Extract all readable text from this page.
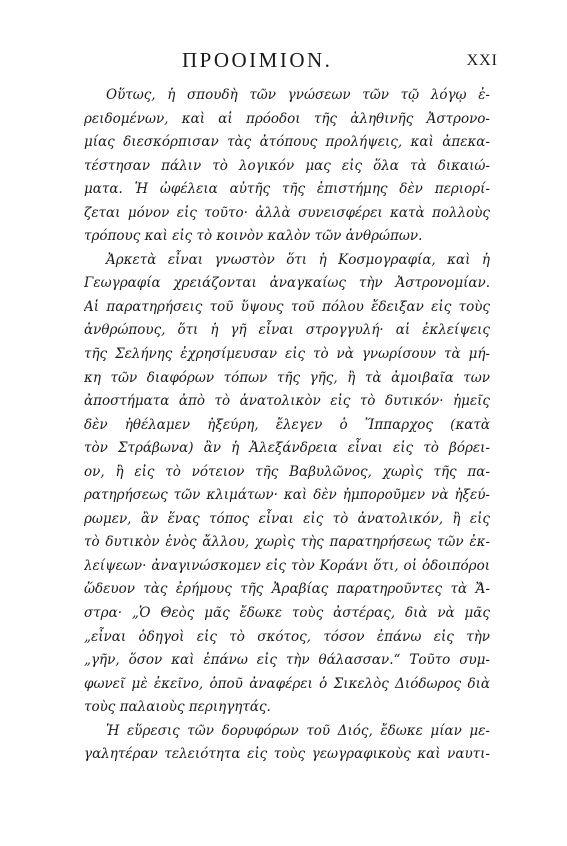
ΠΡΟΟΙΜΙΟΝ.	XXI
Οὕτως, ἡ σπουδὴ τῶν γνώσεων τῶν τῷ λόγῳ ἐ-
ρειδομένων, καὶ αἱ πρόοδοι τῆς ἀληθινῆς Ἀστρονο-
μίας διεσκόρπισαν τὰς ἀτόπους προλήψεις, καὶ ἀπεκα-
τέστησαν πάλιν τὸ λογικόν μας εἰς ὅλα τὰ δικαιώ-
ματα. Ἡ ὠφέλεια αὐτῆς τῆς ἐπιστήμης δὲν περιορί-
ζεται μόνον εἰς τοῦτο· ἀλλὰ συνεισφέρει κατὰ πολλοὺς
τρόπους καὶ εἰς τὸ κοινὸν καλὸν τῶν ἀνθρώπων.
Ἀρκετὰ εἶναι γνωστὸν ὅτι ἡ Κοσμογραφία, καὶ ἡ
Γεωγραφία χρειάζονται ἀναγκαίως τὴν Ἀστρονομίαν.
Αἱ παρατηρήσεις τοῦ ὕψους τοῦ πόλου ἔδειξαν εἰς τοὺς
ἀνθρώπους, ὅτι ἡ γῆ εἶναι στρογγυλή· αἱ ἐκλείψεις
τῆς Σελήνης ἐχρησίμευσαν εἰς τὸ νὰ γνωρίσουν τὰ μή-
κη τῶν διαφόρων τόπων τῆς γῆς, ἢ τὰ ἀμοιβαῖα των
ἀποστήματα ἀπὸ τὸ ἀνατολικὸν εἰς τὸ δυτικόν· ἡμεῖς
δὲν ἠθέλαμεν ἠξεύρη, ἔλεγεν ὁ Ἵππαρχος (κατὰ
τὸν Στράβωνα) ἂν ἡ Ἀλεξάνδρεια εἶναι εἰς τὸ βόρει-
ον, ἢ εἰς τὸ νότειον τῆς Βαβυλῶνος, χωρὶς τῆς πα-
ρατηρήσεως τῶν κλιμάτων· καὶ δὲν ἠμποροῦμεν νὰ ἠξεύ-
ρωμεν, ἂν ἕνας τόπος εἶναι εἰς τὸ ἀνατολικόν, ἢ εἰς
τὸ δυτικὸν ἑνὸς ἄλλου, χωρὶς τὴς παρατηρήσεως τῶν ἐκ-
λείψεων· ἀναγινώσκομεν εἰς τὸν Κοράνι ὅτι, οἱ ὁδοιπόροι
ὥδευον τὰς ἐρήμους τῆς Ἀραβίας παρατηροῦντες τὰ Ἄ-
στρα· „Ὁ Θεὸς μᾶς ἔδωκε τοὺς ἀστέρας, διὰ νὰ μᾶς
„εἶναι ὁδηγοὶ εἰς τὸ σκότος, τόσον ἐπάνω εἰς τὴν
„γῆν, ὅσον καὶ ἐπάνω εἰς τὴν θάλασσαν.“ Τοῦτο συμ-
φωνεῖ μὲ ἐκεῖνο, ὁποῦ ἀναφέρει ὁ Σικελὸς Διόδωρος διὰ
τοὺς παλαιοὺς περιηγητάς.
Ἡ εὕρεσις τῶν δορυφόρων τοῦ Διός, ἔδωκε μίαν με-
γαλητέραν τελειότητα εἰς τοὺς γεωγραφικοὺς καὶ ναυτι-
